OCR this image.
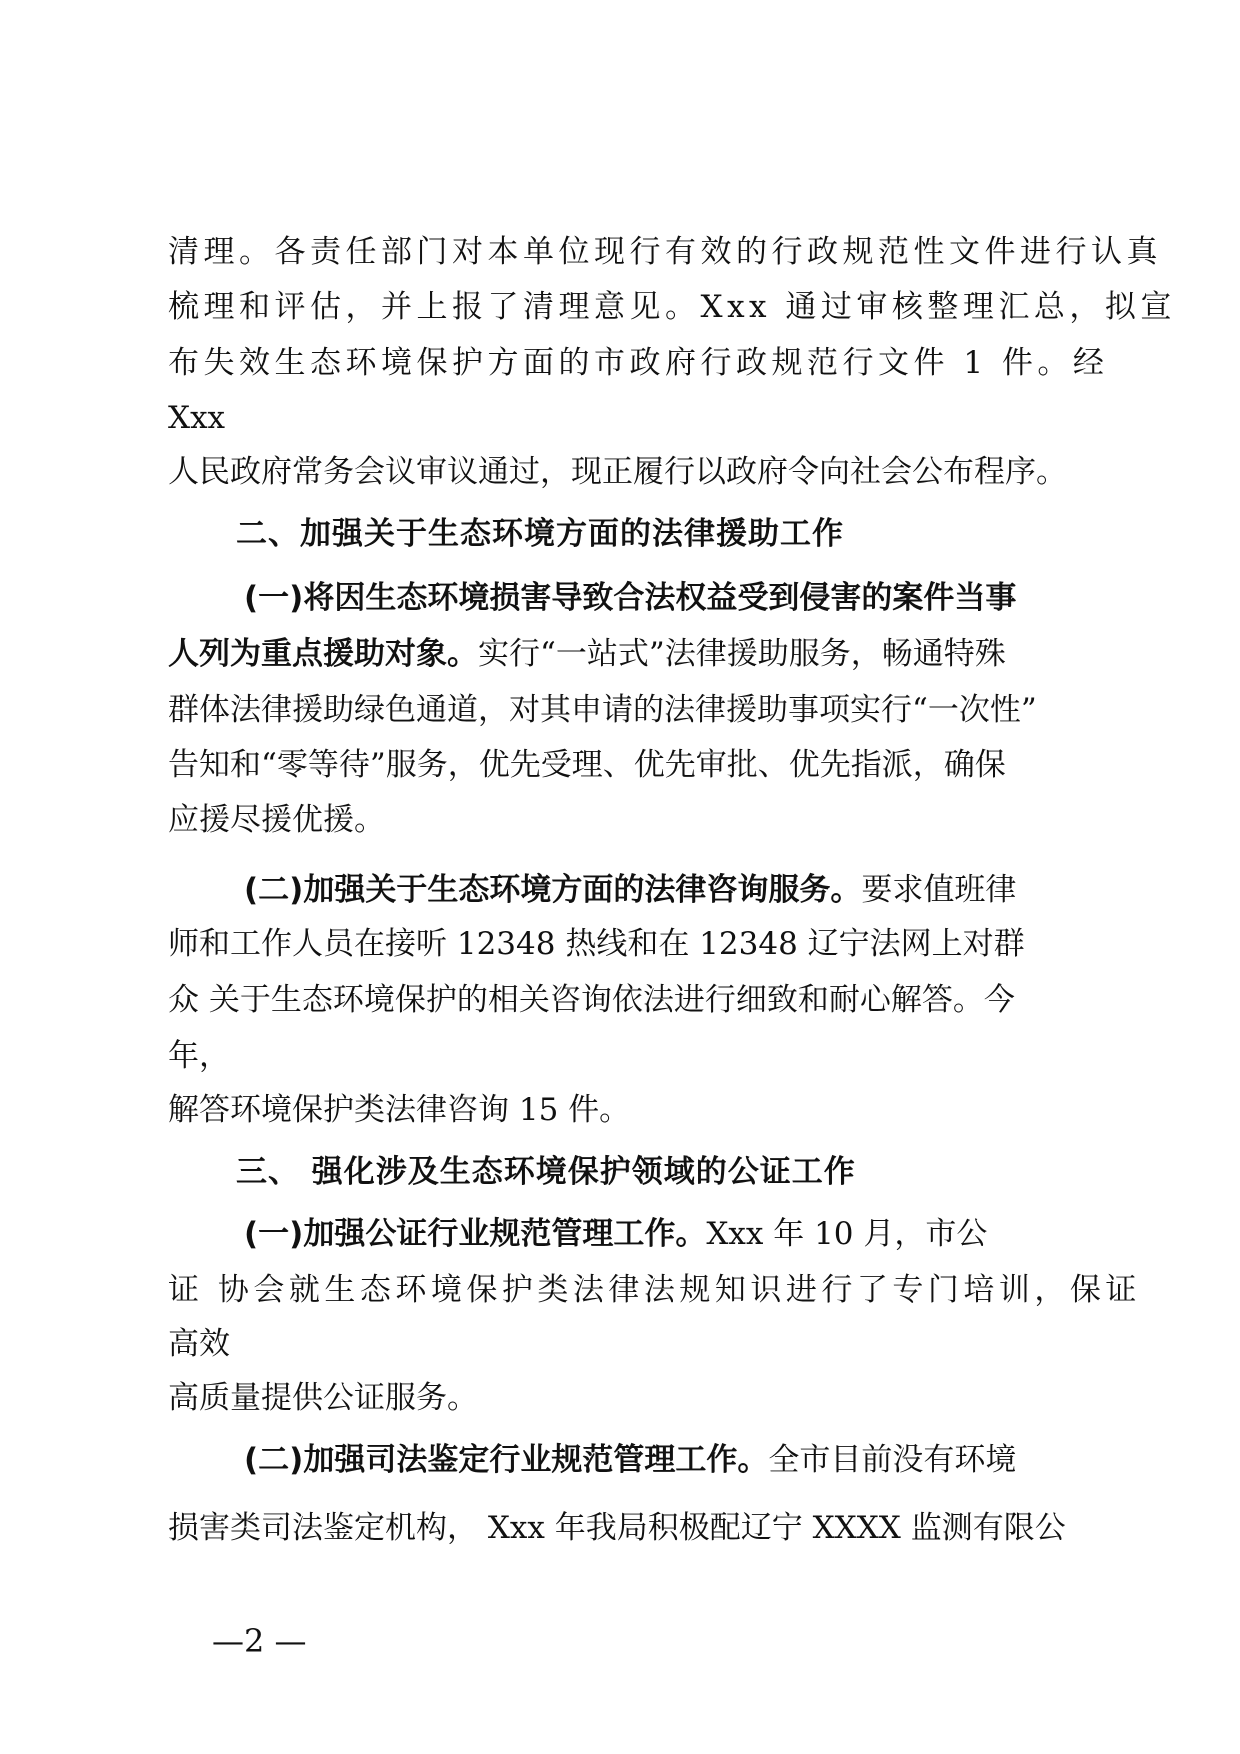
清理。各责任部门对本单位现行有效的行政规范性文件进行认真

梳理和评估，并上报了清理意见。Xxx 通过审核整理汇总，拟宣

布失效生态环境保护方面的市政府行政规范行文件 1 件。经

Xxx

人民政府常务会议审议通过，现正履行以政府令向社会公布程序。

二、加强关于生态环境方面的法律援助工作

(一)将因生态环境损害导致合法权益受到侵害的案件当事

人列为重点援助对象。实行“一站式”法律援助服务，畅通特殊

群体法律援助绿色通道，对其申请的法律援助事项实行“一次性”

告知和“零等待”服务，优先受理、优先审批、优先指派，确保

应援尽援优援。

(二)加强关于生态环境方面的法律咨询服务。要求值班律

师和工作人员在接听 12348 热线和在 12348 辽宁法网上对群

众 关于生态环境保护的相关咨询依法进行细致和耐心解答。今

年，

解答环境保护类法律咨询 15 件。

三、 强化涉及生态环境保护领域的公证工作

(一)加强公证行业规范管理工作。Xxx 年 10 月，市公

证 协会就生态环境保护类法律法规知识进行了专门培训，保证

高效

高质量提供公证服务。

(二)加强司法鉴定行业规范管理工作。全市目前没有环境

损害类司法鉴定机构， Xxx 年我局积极配辽宁 XXXX 监测有限公

—2 —
